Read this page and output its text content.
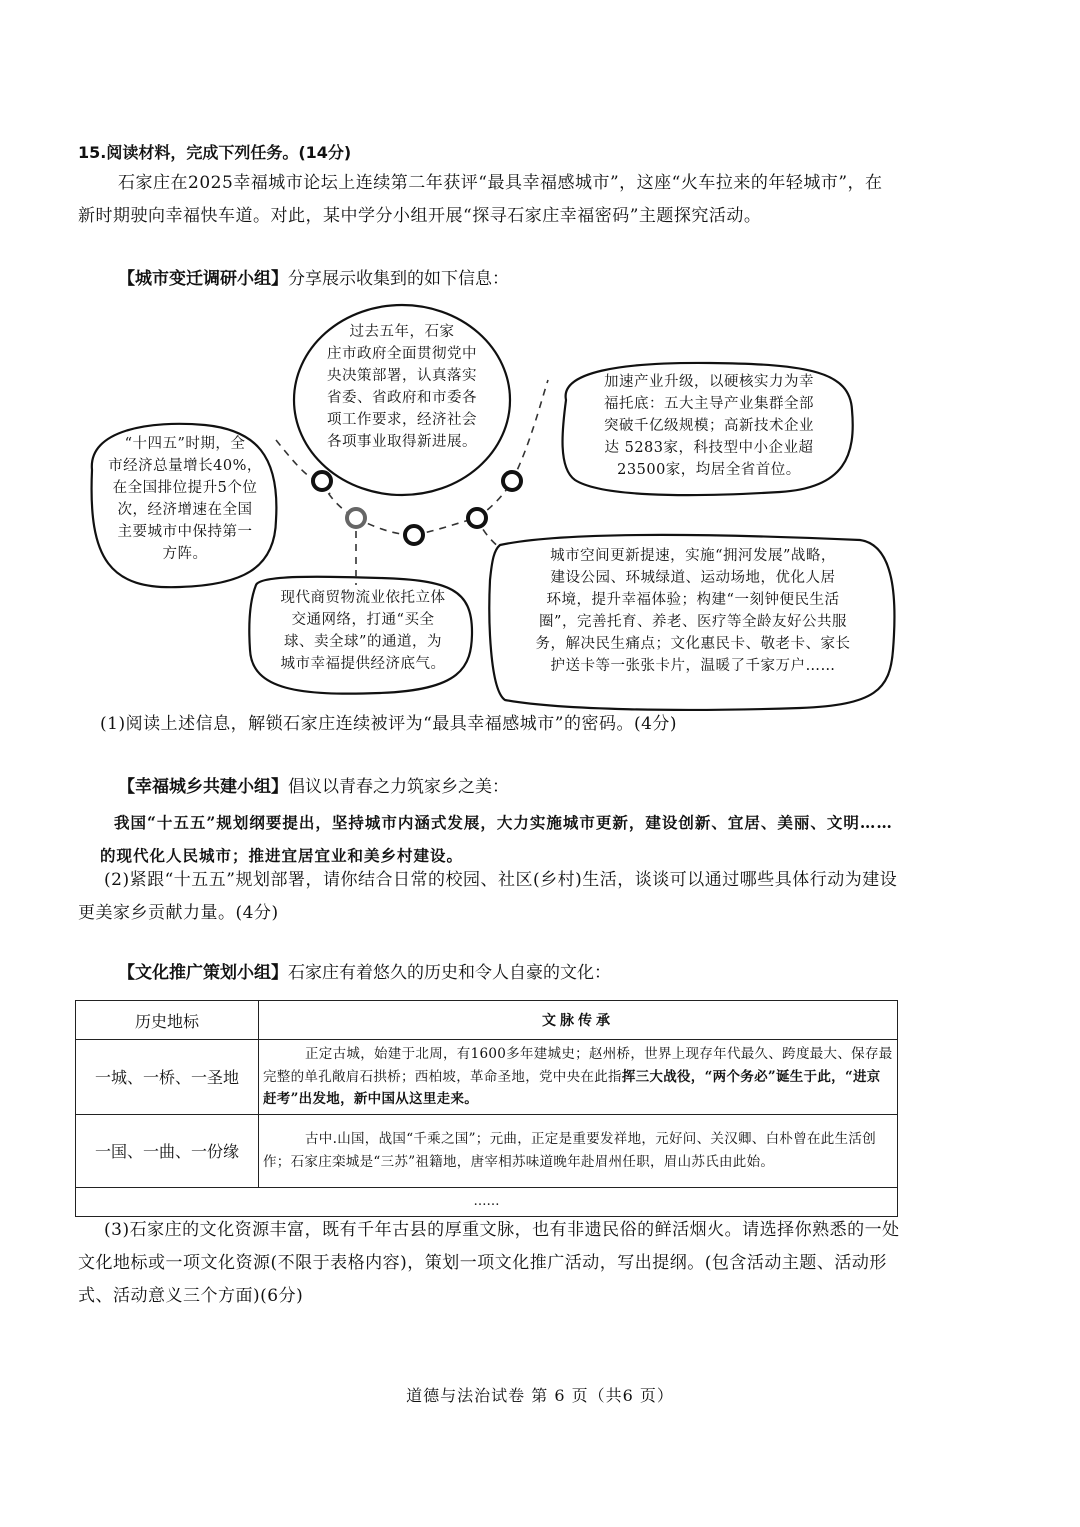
15.阅读材料，完成下列任务。(14分)
石家庄在2025幸福城市论坛上连续第二年获评“最具幸福感城市”，这座“火车拉来的年轻城市”，在新时期驶向幸福快车道。对此，某中学分小组开展“探寻石家庄幸福密码”主题探究活动。
【城市变迁调研小组】分享展示收集到的如下信息：
过去五年，石家
庄市政府全面贯彻党中
央决策部署，认真落实
省委、省政府和市委各
项工作要求，经济社会
各项事业取得新进展。
“十四五”时期，全
市经济总量增长40%，
在全国排位提升5个位
次，经济增速在全国
主要城市中保持第一
方阵。
加速产业升级，以硬核实力为幸
福托底：五大主导产业集群全部
突破千亿级规模；高新技术企业
达 5283家，科技型中小企业超
23500家，均居全省首位。
现代商贸物流业依托立体
交通网络，打通“买全
球、卖全球”的通道，为
城市幸福提供经济底气。
城市空间更新提速，实施“拥河发展”战略，
建设公园、环城绿道、运动场地，优化人居
环境，提升幸福体验；构建“一刻钟便民生活
圈”，完善托育、养老、医疗等全龄友好公共服
务，解决民生痛点；文化惠民卡、敬老卡、家长
护送卡等一张张卡片，温暖了千家万户……
(1)阅读上述信息，解锁石家庄连续被评为“最具幸福感城市”的密码。(4分)
【幸福城乡共建小组】倡议以青春之力筑家乡之美：
我国“十五五”规划纲要提出，坚持城市内涵式发展，大力实施城市更新，建设创新、宜居、美丽、文明……的现代化人民城市；推进宜居宜业和美乡村建设。
(2)紧跟“十五五”规划部署，请你结合日常的校园、社区(乡村)生活，谈谈可以通过哪些具体行动为建设更美家乡贡献力量。(4分)
【文化推广策划小组】石家庄有着悠久的历史和令人自豪的文化：
历史地标	文脉传承
一城、一桥、一圣地	正定古城，始建于北周，有1600多年建城史；赵州桥，世界上现存年代最久、跨度最大、保存最完整的单孔敞肩石拱桥；西柏坡，革命圣地，党中央在此指挥三大战役，“两个务必”诞生于此，“进京赶考”出发地，新中国从这里走来。
一国、一曲、一份缘	古中.山国，战国“千乘之国”；元曲，正定是重要发祥地，元好问、关汉卿、白朴曾在此生活创作；石家庄栾城是“三苏”祖籍地，唐宰相苏味道晚年赴眉州任职，眉山苏氏由此始。
……	
(3)石家庄的文化资源丰富，既有千年古县的厚重文脉，也有非遗民俗的鲜活烟火。请选择你熟悉的一处文化地标或一项文化资源(不限于表格内容)，策划一项文化推广活动，写出提纲。(包含活动主题、活动形式、活动意义三个方面)(6分)
道德与法治试卷 第 6 页（共6 页）
